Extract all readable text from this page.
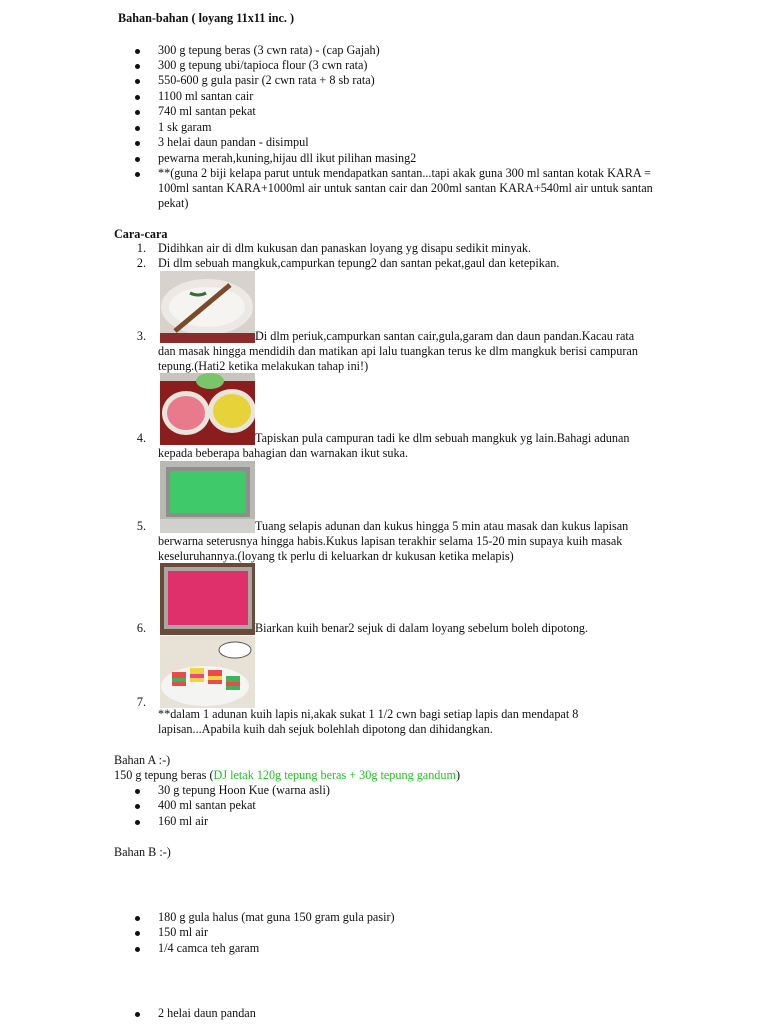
Bahan-bahan ( loyang 11x11 inc. )
300 g tepung beras (3 cwn rata) - (cap Gajah)
300 g tepung ubi/tapioca flour (3 cwn rata)
550-600 g gula pasir (2 cwn rata + 8 sb rata)
1100 ml santan cair
740 ml santan pekat
1 sk garam
3 helai daun pandan - disimpul
pewarna merah,kuning,hijau dll ikut pilihan masing2
**(guna 2 biji kelapa parut untuk mendapatkan santan...tapi akak guna 300 ml santan kotak KARA = 100ml santan KARA+1000ml air untuk santan cair dan 200ml santan KARA+540ml air untuk santan pekat)
Cara-cara
1. Didihkan air di dlm kukusan dan panaskan loyang yg disapu sedikit minyak.
2. Di dlm sebuah mangkuk,campurkan tepung2 dan santan pekat,gaul dan ketepikan.
3.	Di dlm periuk,campurkan santan cair,gula,garam dan daun pandan.Kacau rata dan masak hingga mendidih dan matikan api lalu tuangkan terus ke dlm mangkuk berisi campuran tepung.(Hati2 ketika melakukan tahap ini!)
4.	Tapiskan pula campuran tadi ke dlm sebuah mangkuk yg lain.Bahagi adunan kepada beberapa bahagian dan warnakan ikut suka.
5.	Tuang selapis adunan dan kukus hingga 5 min atau masak dan kukus lapisan berwarna seterusnya hingga habis.Kukus lapisan terakhir selama 15-20 min supaya kuih masak keseluruhannya.(loyang tk perlu di keluarkan dr kukusan ketika melapis)
6.	Biarkan kuih benar2 sejuk di dalam loyang sebelum boleh dipotong.
7.
**dalam 1 adunan kuih lapis ni,akak sukat 1 1/2 cwn bagi setiap lapis dan mendapat 8 lapisan...Apabila kuih dah sejuk bolehlah dipotong dan dihidangkan.
Bahan A :-)
150 g tepung beras (DJ letak 120g tepung beras + 30g tepung gandum)
30 g tepung Hoon Kue (warna asli)
400 ml santan pekat
160 ml air
Bahan B :-)
180 g gula halus (mat guna 150 gram gula pasir)
150 ml air
1/4 camca teh garam
2 helai daun pandan
